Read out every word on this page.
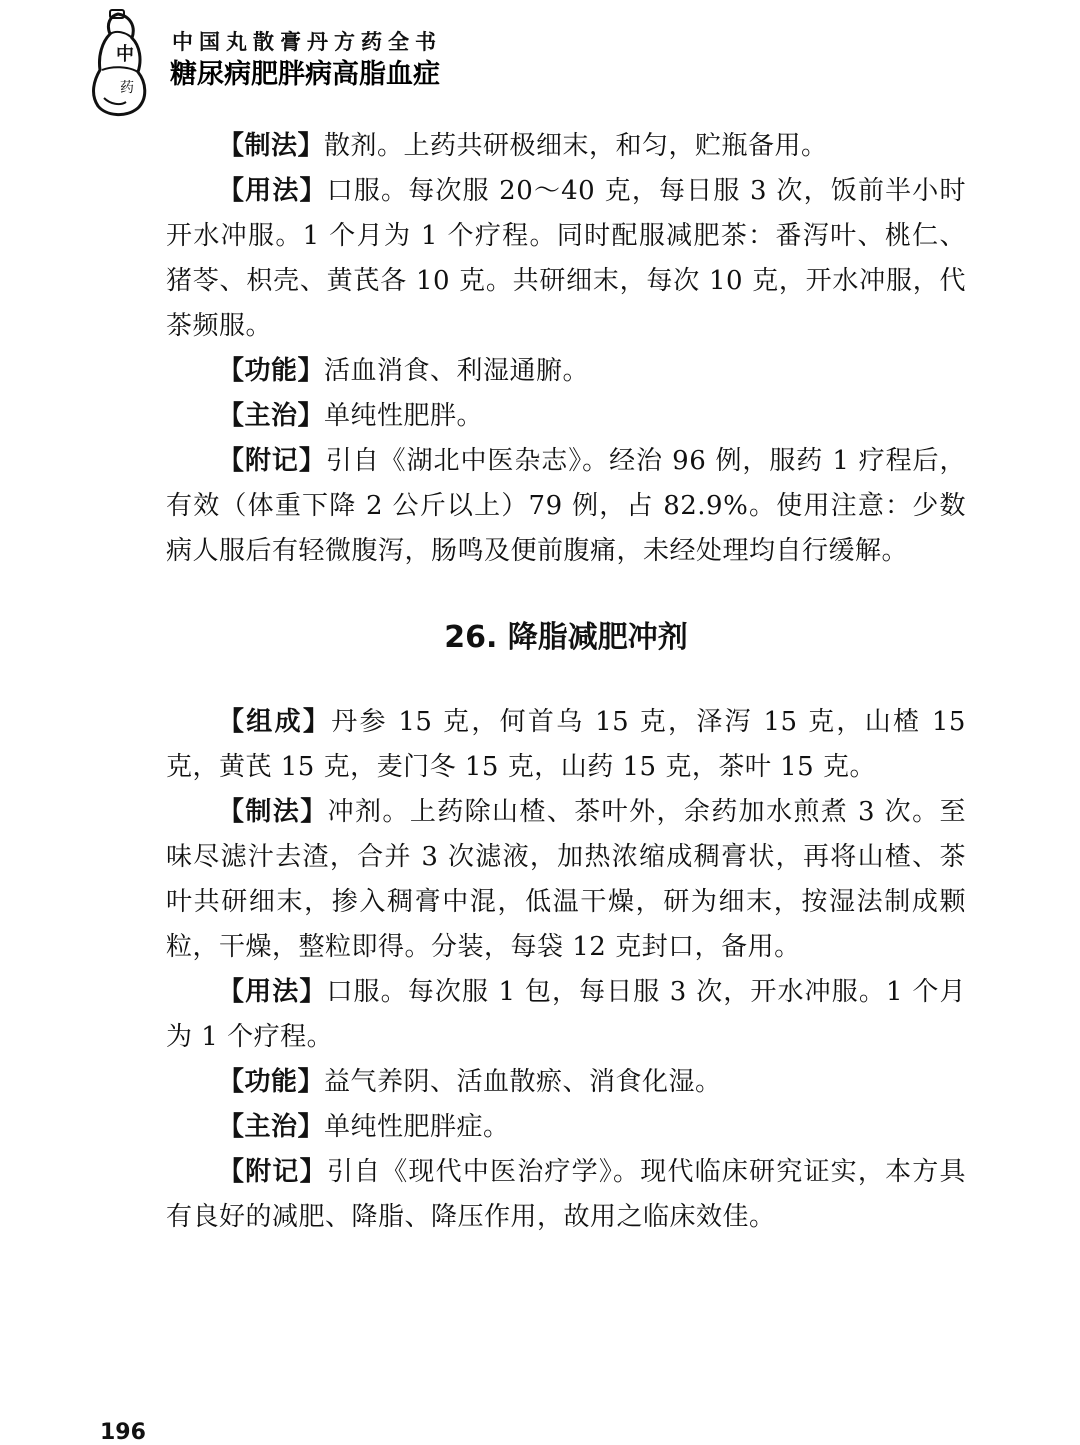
中
药
中国丸散膏丹方药全书
糖尿病肥胖病高脂血症

【制法】散剂。上药共研极细末，和匀，贮瓶备用。

【用法】口服。每次服 20～40 克，每日服 3 次，饭前半小时开水冲服。1 个月为 1 个疗程。同时配服减肥茶：番泻叶、桃仁、猪苓、枳壳、黄芪各 10 克。共研细末，每次 10 克，开水冲服，代茶频服。

【功能】活血消食、利湿通腑。

【主治】单纯性肥胖。

【附记】引自《湖北中医杂志》。经治 96 例，服药 1 疗程后，有效（体重下降 2 公斤以上）79 例，占 82.9%。使用注意：少数病人服后有轻微腹泻，肠鸣及便前腹痛，未经处理均自行缓解。

26. 降脂减肥冲剂

【组成】丹参 15 克，何首乌 15 克，泽泻 15 克，山楂 15 克，黄芪 15 克，麦门冬 15 克，山药 15 克，茶叶 15 克。

【制法】冲剂。上药除山楂、茶叶外，余药加水煎煮 3 次。至味尽滤汁去渣，合并 3 次滤液，加热浓缩成稠膏状，再将山楂、茶叶共研细末，掺入稠膏中混，低温干燥，研为细末，按湿法制成颗粒，干燥，整粒即得。分装，每袋 12 克封口，备用。

【用法】口服。每次服 1 包，每日服 3 次，开水冲服。1 个月为 1 个疗程。

【功能】益气养阴、活血散瘀、消食化湿。

【主治】单纯性肥胖症。

【附记】引自《现代中医治疗学》。现代临床研究证实，本方具有良好的减肥、降脂、降压作用，故用之临床效佳。

196
